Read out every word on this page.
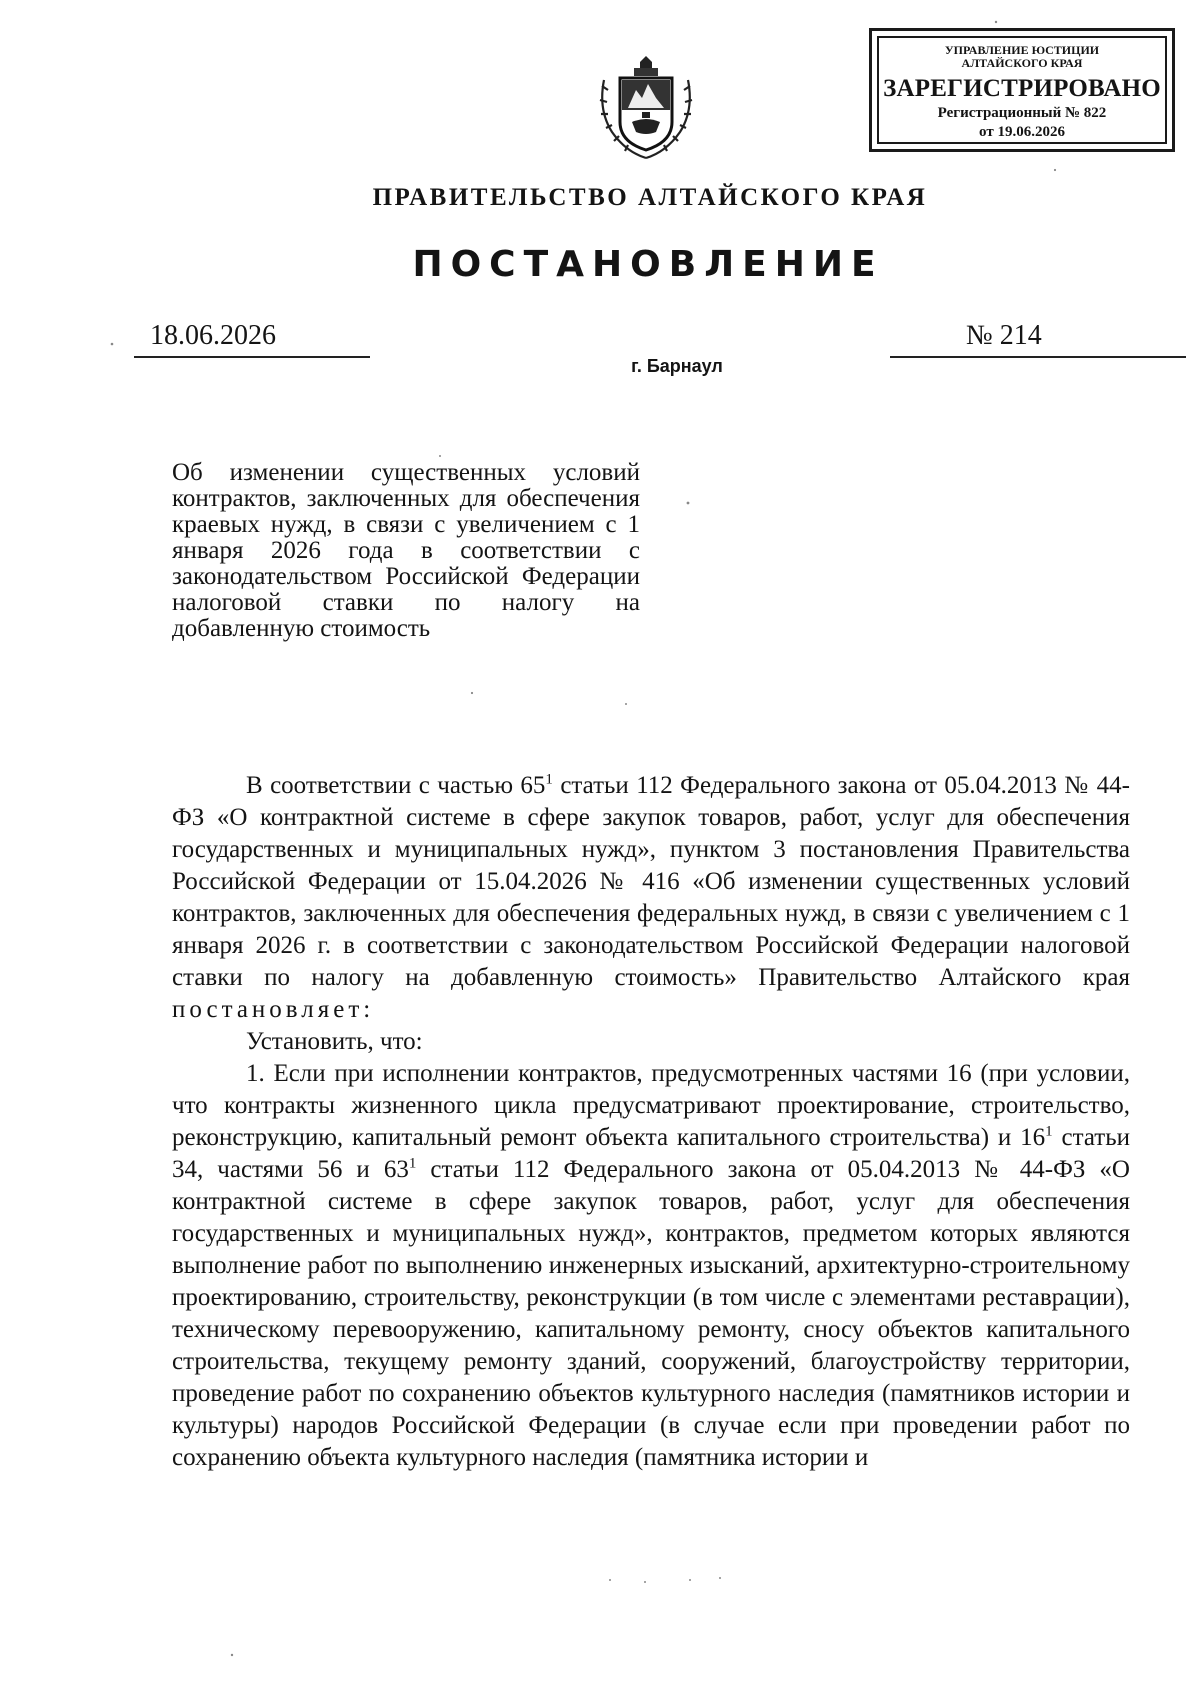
УПРАВЛЕНИЕ ЮСТИЦИИ
АЛТАЙСКОГО КРАЯ
ЗАРЕГИСТРИРОВАНО
Регистрационный № 822
от 19.06.2026
ПРАВИТЕЛЬСТВО АЛТАЙСКОГО КРАЯ
ПОСТАНОВЛЕНИЕ
18.06.2026	№ 214
г. Барнаул
Об изменении существенных условий контрактов, заключенных для обеспечения краевых нужд, в связи с увеличением с 1 января 2026 года в соответствии с законодательством Российской Федерации налоговой ставки по налогу на добавленную стоимость

В соответствии с частью $65^1$ статьи 112 Федерального закона от 05.04.2013 № 44-ФЗ «О контрактной системе в сфере закупок товаров, работ, услуг для обеспечения государственных и муниципальных нужд», пунктом 3 постановления Правительства Российской Федерации от 15.04.2026 № 416 «Об изменении существенных условий контрактов, заключенных для обеспечения федеральных нужд, в связи с увеличением с 1 января 2026 г. в соответствии с законодательством Российской Федерации налоговой ставки по налогу на добавленную стоимость» Правительство Алтайского края постановляет:

Установить, что:

1. Если при исполнении контрактов, предусмотренных частями 16 (при условии, что контракты жизненного цикла предусматривают проектирование, строительство, реконструкцию, капитальный ремонт объекта капитального строительства) и $16^1$ статьи 34, частями 56 и $63^1$ статьи 112 Федерального закона от 05.04.2013 № 44-ФЗ «О контрактной системе в сфере закупок товаров, работ, услуг для обеспечения государственных и муниципальных нужд», контрактов, предметом которых являются выполнение работ по выполнению инженерных изысканий, архитектурно-строительному проектированию, строительству, реконструкции (в том числе с элементами реставрации), техническому перевооружению, капитальному ремонту, сносу объектов капитального строительства, текущему ремонту зданий, сооружений, благоустройству территории, проведение работ по сохранению объектов культурного наследия (памятников истории и культуры) народов Российской Федерации (в случае если при проведении работ по сохранению объекта культурного наследия (памятника истории и
